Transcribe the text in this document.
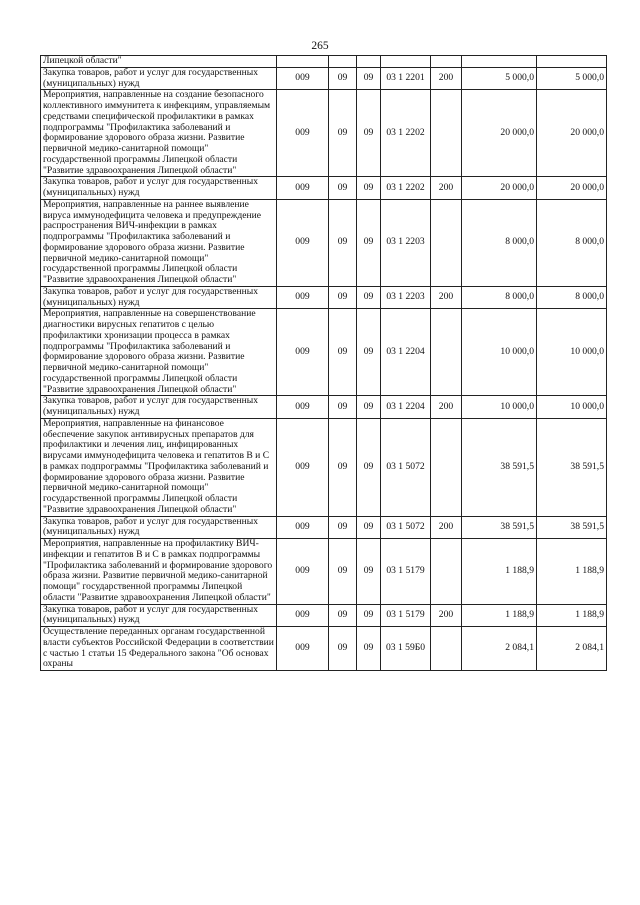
265
Липецкой области"							
Закупка товаров, работ и услуг для государственных (муниципальных) нужд	009	09	09	03 1 2201	200	5 000,0	5 000,0
Мероприятия, направленные на создание безопасного коллективного иммунитета к инфекциям, управляемым средствами специфической профилактики в рамках подпрограммы "Профилактика заболеваний и формирование здорового образа жизни. Развитие первичной медико-санитарной помощи" государственной программы Липецкой области "Развитие здравоохранения Липецкой области"	009	09	09	03 1 2202		20 000,0	20 000,0
Закупка товаров, работ и услуг для государственных (муниципальных) нужд	009	09	09	03 1 2202	200	20 000,0	20 000,0
Мероприятия, направленные на раннее выявление вируса иммунодефицита человека и предупреждение распространения ВИЧ-инфекции в рамках подпрограммы "Профилактика заболеваний и формирование здорового образа жизни. Развитие первичной медико-санитарной помощи" государственной программы Липецкой области "Развитие здравоохранения Липецкой области"	009	09	09	03 1 2203		8 000,0	8 000,0
Закупка товаров, работ и услуг для государственных (муниципальных) нужд	009	09	09	03 1 2203	200	8 000,0	8 000,0
Мероприятия, направленные на совершенствование диагностики вирусных гепатитов с целью профилактики хронизации процесса в рамках подпрограммы "Профилактика заболеваний и формирование здорового образа жизни. Развитие первичной медико-санитарной помощи" государственной программы Липецкой области "Развитие здравоохранения Липецкой области"	009	09	09	03 1 2204		10 000,0	10 000,0
Закупка товаров, работ и услуг для государственных (муниципальных) нужд	009	09	09	03 1 2204	200	10 000,0	10 000,0
Мероприятия, направленные на финансовое обеспечение закупок антивирусных препаратов для профилактики и лечения лиц, инфицированных вирусами иммунодефицита человека и гепатитов В и С в рамках подпрограммы "Профилактика заболеваний и формирование здорового образа жизни. Развитие первичной медико-санитарной помощи" государственной программы Липецкой области "Развитие здравоохранения Липецкой области"	009	09	09	03 1 5072		38 591,5	38 591,5
Закупка товаров, работ и услуг для государственных (муниципальных) нужд	009	09	09	03 1 5072	200	38 591,5	38 591,5
Мероприятия, направленные на профилактику ВИЧ-инфекции и гепатитов В и С в рамках подпрограммы "Профилактика заболеваний и формирование здорового образа жизни. Развитие первичной медико-санитарной помощи" государственной программы Липецкой области "Развитие здравоохранения Липецкой области"	009	09	09	03 1 5179		1 188,9	1 188,9
Закупка товаров, работ и услуг для государственных (муниципальных) нужд	009	09	09	03 1 5179	200	1 188,9	1 188,9
Осуществление переданных органам государственной власти субъектов Российской Федерации в соответствии с частью 1 статьи 15 Федерального закона "Об основах охраны	009	09	09	03 1 59Б0		2 084,1	2 084,1
